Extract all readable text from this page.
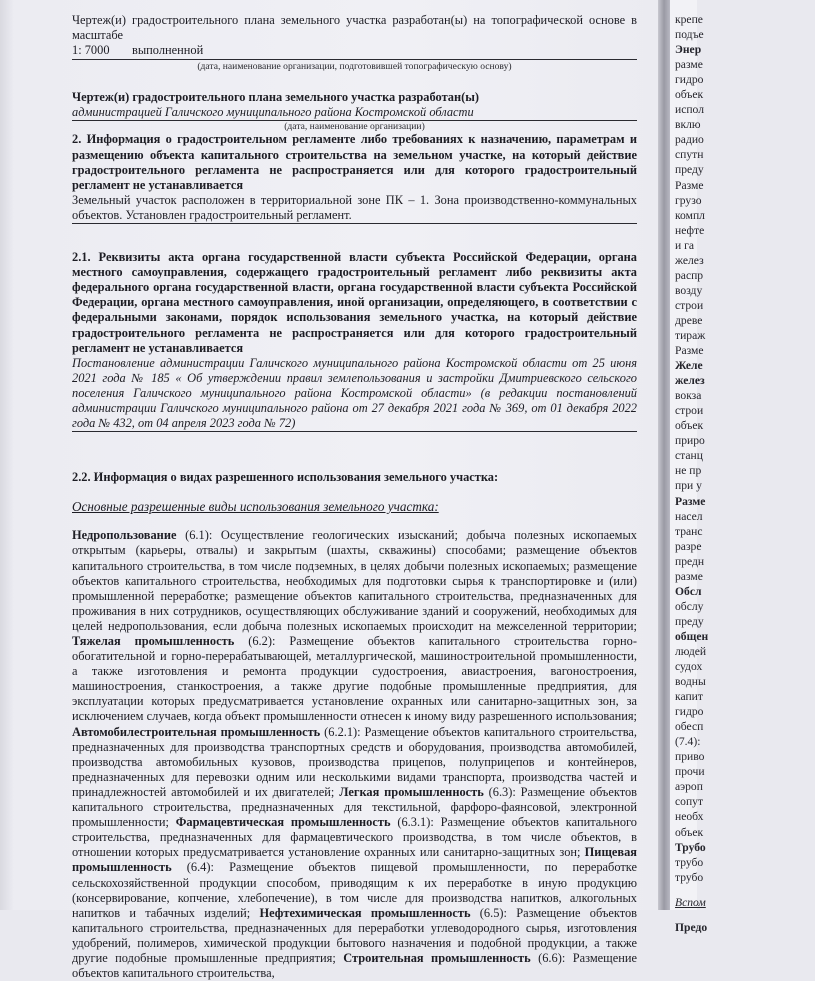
Чертеж(и) градостроительного плана земельного участка разработан(ы) на топографической основе в масштабе
1: 7000 выполненной
(дата, наименование организации, подготовившей топографическую основу)
Чертеж(и) градостроительного плана земельного участка разработан(ы)
администрацией Галичского муниципального района Костромской области
(дата, наименование организации)
2. Информация о градостроительном регламенте либо требованиях к назначению, параметрам и размещению объекта капитального строительства на земельном участке, на который действие градостроительного регламента не распространяется или для которого градостроительный регламент не устанавливается
Земельный участок расположен в территориальной зоне ПК – 1. Зона производственно-коммунальных объектов. Установлен градостроительный регламент.
2.1. Реквизиты акта органа государственной власти субъекта Российской Федерации, органа местного самоуправления, содержащего градостроительный регламент либо реквизиты акта федерального органа государственной власти, органа государственной власти субъекта Российской Федерации, органа местного самоуправления, иной организации, определяющего, в соответствии с федеральными законами, порядок использования земельного участка, на который действие градостроительного регламента не распространяется или для которого градостроительный регламент не устанавливается
Постановление администрации Галичского муниципального района Костромской области от 25 июня 2021 года № 185 « Об утверждении правил землепользования и застройки Дмитриевского сельского поселения Галичского муниципального района Костромской области» (в редакции постановлений администрации Галичского муниципального района от 27 декабря 2021 года № 369, от 01 декабря 2022 года № 432, от 04 апреля 2023 года № 72)
2.2. Информация о видах разрешенного использования земельного участка:
Основные разрешенные виды использования земельного участка:
Недропользование (6.1): Осуществление геологических изысканий; добыча полезных ископаемых открытым (карьеры, отвалы) и закрытым (шахты, скважины) способами; размещение объектов капитального строительства, в том числе подземных, в целях добычи полезных ископаемых; размещение объектов капитального строительства, необходимых для подготовки сырья к транспортировке и (или) промышленной переработке; размещение объектов капитального строительства, предназначенных для проживания в них сотрудников, осуществляющих обслуживание зданий и сооружений, необходимых для целей недропользования, если добыча полезных ископаемых происходит на межселенной территории; Тяжелая промышленность (6.2): Размещение объектов капитального строительства горно-обогатительной и горно-перерабатывающей, металлургической, машиностроительной промышленности, а также изготовления и ремонта продукции судостроения, авиастроения, вагоностроения, машиностроения, станкостроения, а также другие подобные промышленные предприятия, для эксплуатации которых предусматривается установление охранных или санитарно-защитных зон, за исключением случаев, когда объект промышленности отнесен к иному виду разрешенного использования; Автомобилестроительная промышленность (6.2.1): Размещение объектов капитального строительства, предназначенных для производства транспортных средств и оборудования, производства автомобилей, производства автомобильных кузовов, производства прицепов, полуприцепов и контейнеров, предназначенных для перевозки одним или несколькими видами транспорта, производства частей и принадлежностей автомобилей и их двигателей; Легкая промышленность (6.3): Размещение объектов капитального строительства, предназначенных для текстильной, фарфоро-фаянсовой, электронной промышленности; Фармацевтическая промышленность (6.3.1): Размещение объектов капитального строительства, предназначенных для фармацевтического производства, в том числе объектов, в отношении которых предусматривается установление охранных или санитарно-защитных зон; Пищевая промышленность (6.4): Размещение объектов пищевой промышленности, по переработке сельскохозяйственной продукции способом, приводящим к их переработке в иную продукцию (консервирование, копчение, хлебопечение), в том числе для производства напитков, алкогольных напитков и табачных изделий; Нефтехимическая промышленность (6.5): Размещение объектов капитального строительства, предназначенных для переработки углеводородного сырья, изготовления удобрений, полимеров, химической продукции бытового назначения и подобной продукции, а также другие подобные промышленные предприятия; Строительная промышленность (6.6): Размещение объектов капитального строительства,
крепе
подъе
Энер
разме
гидро
объек
испол
вклю
радио
спутн
преду
Разме
грузо
компл
нефте
и га
желез
распр
возду
строи
древе
тираж
Разме
Желе
желез
вокза
строи
объек
приро
станц
не пр
при у
Разме
насел
транс
разре
предн
разме
Обсл
обслу
преду
общен
людей
судох
водны
капит
гидро
обесп
(7.4):
приво
прочи
аэроп
сопут
необх
объек
Трубо
трубо
трубо
Вспом
Предо
